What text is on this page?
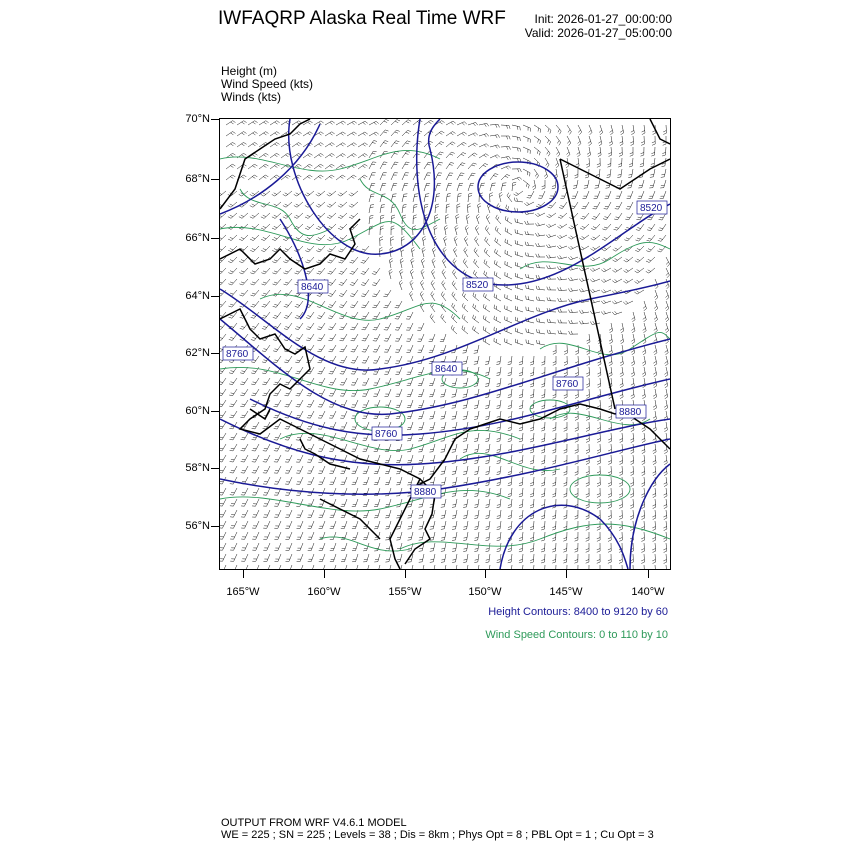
IWFAQRP Alaska Real Time WRF Init: 2026-01-27_00:00:00
Valid: 2026-01-27_05:00:00
Height (m)
Wind Speed (kts)
Winds (kts)
70°N
68°N
66°N
64°N
62°N
60°N
58°N
56°N
165°W	160°W	155°W	150°W	145°W	140°W
8520
8640	8520
8760
8640
8760
8760
8880
8880
Height Contours: 8400 to 9120 by 60
Wind Speed Contours: 0 to 110 by 10
OUTPUT FROM WRF V4.6.1 MODEL
WE = 225 ; SN = 225 ; Levels = 38 ; Dis = 8km ; Phys Opt = 8 ; PBL Opt = 1 ; Cu Opt = 3
